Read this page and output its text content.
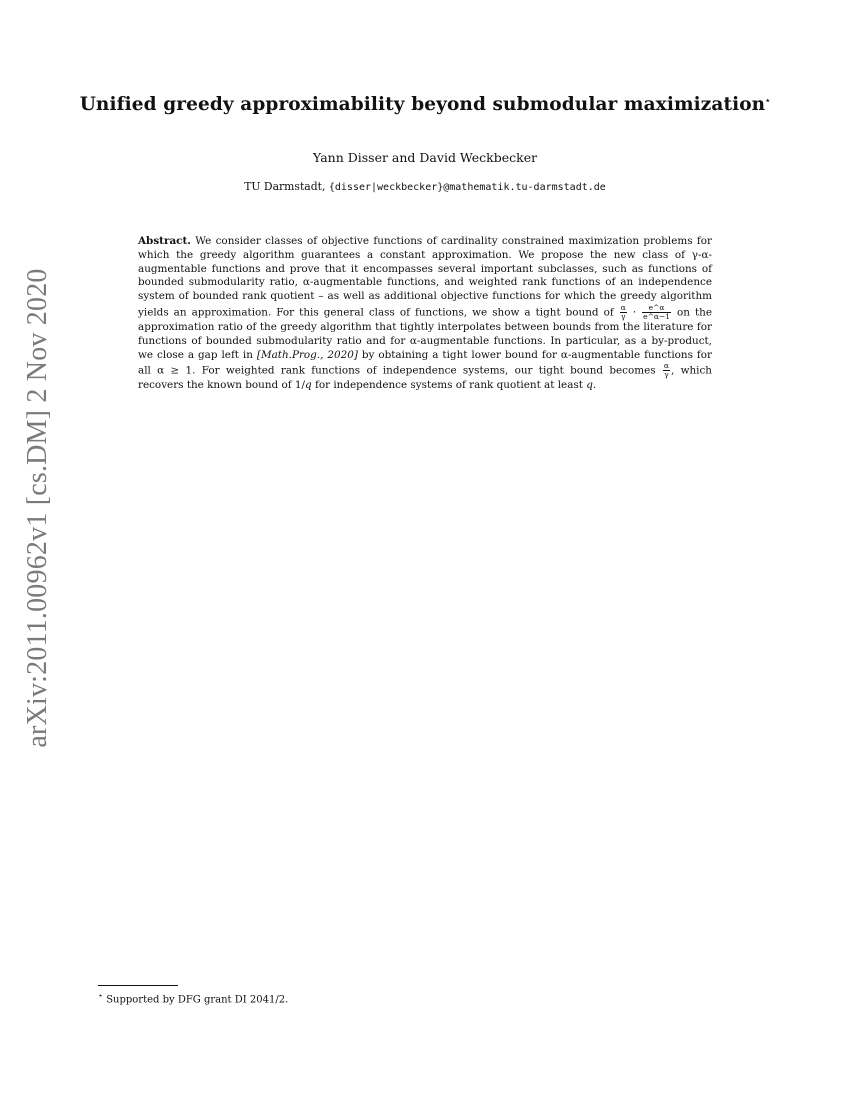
arXiv:2011.00962v1 [cs.DM] 2 Nov 2020
Unified greedy approximability beyond submodular maximization⋆
Yann Disser and David Weckbecker
TU Darmstadt, {disser|weckbecker}@mathematik.tu-darmstadt.de
Abstract. We consider classes of objective functions of cardinality constrained maximization problems for which the greedy algorithm guarantees a constant approximation. We propose the new class of γ-α-augmentable functions and prove that it encompasses several important subclasses, such as functions of bounded submodularity ratio, α-augmentable functions, and weighted rank functions of an independence system of bounded rank quotient – as well as additional objective functions for which the greedy algorithm yields an approximation. For this general class of functions, we show a tight bound of $\frac{\alpha}{\gamma} \cdot \frac{e\^{}\alpha}{e\^{}\alpha-1}$ on the approximation ratio of the greedy algorithm that tightly interpolates between bounds from the literature for functions of bounded submodularity ratio and for α-augmentable functions. In particular, as a by-product, we close a gap left in [Math.Prog., 2020] by obtaining a tight lower bound for α-augmentable functions for all α ≥ 1. For weighted rank functions of independence systems, our tight bound becomes $\frac{\alpha}{\gamma}$ , which recovers the known bound of 1/q for independence systems of rank quotient at least q.
⋆ Supported by DFG grant DI 2041/2.
